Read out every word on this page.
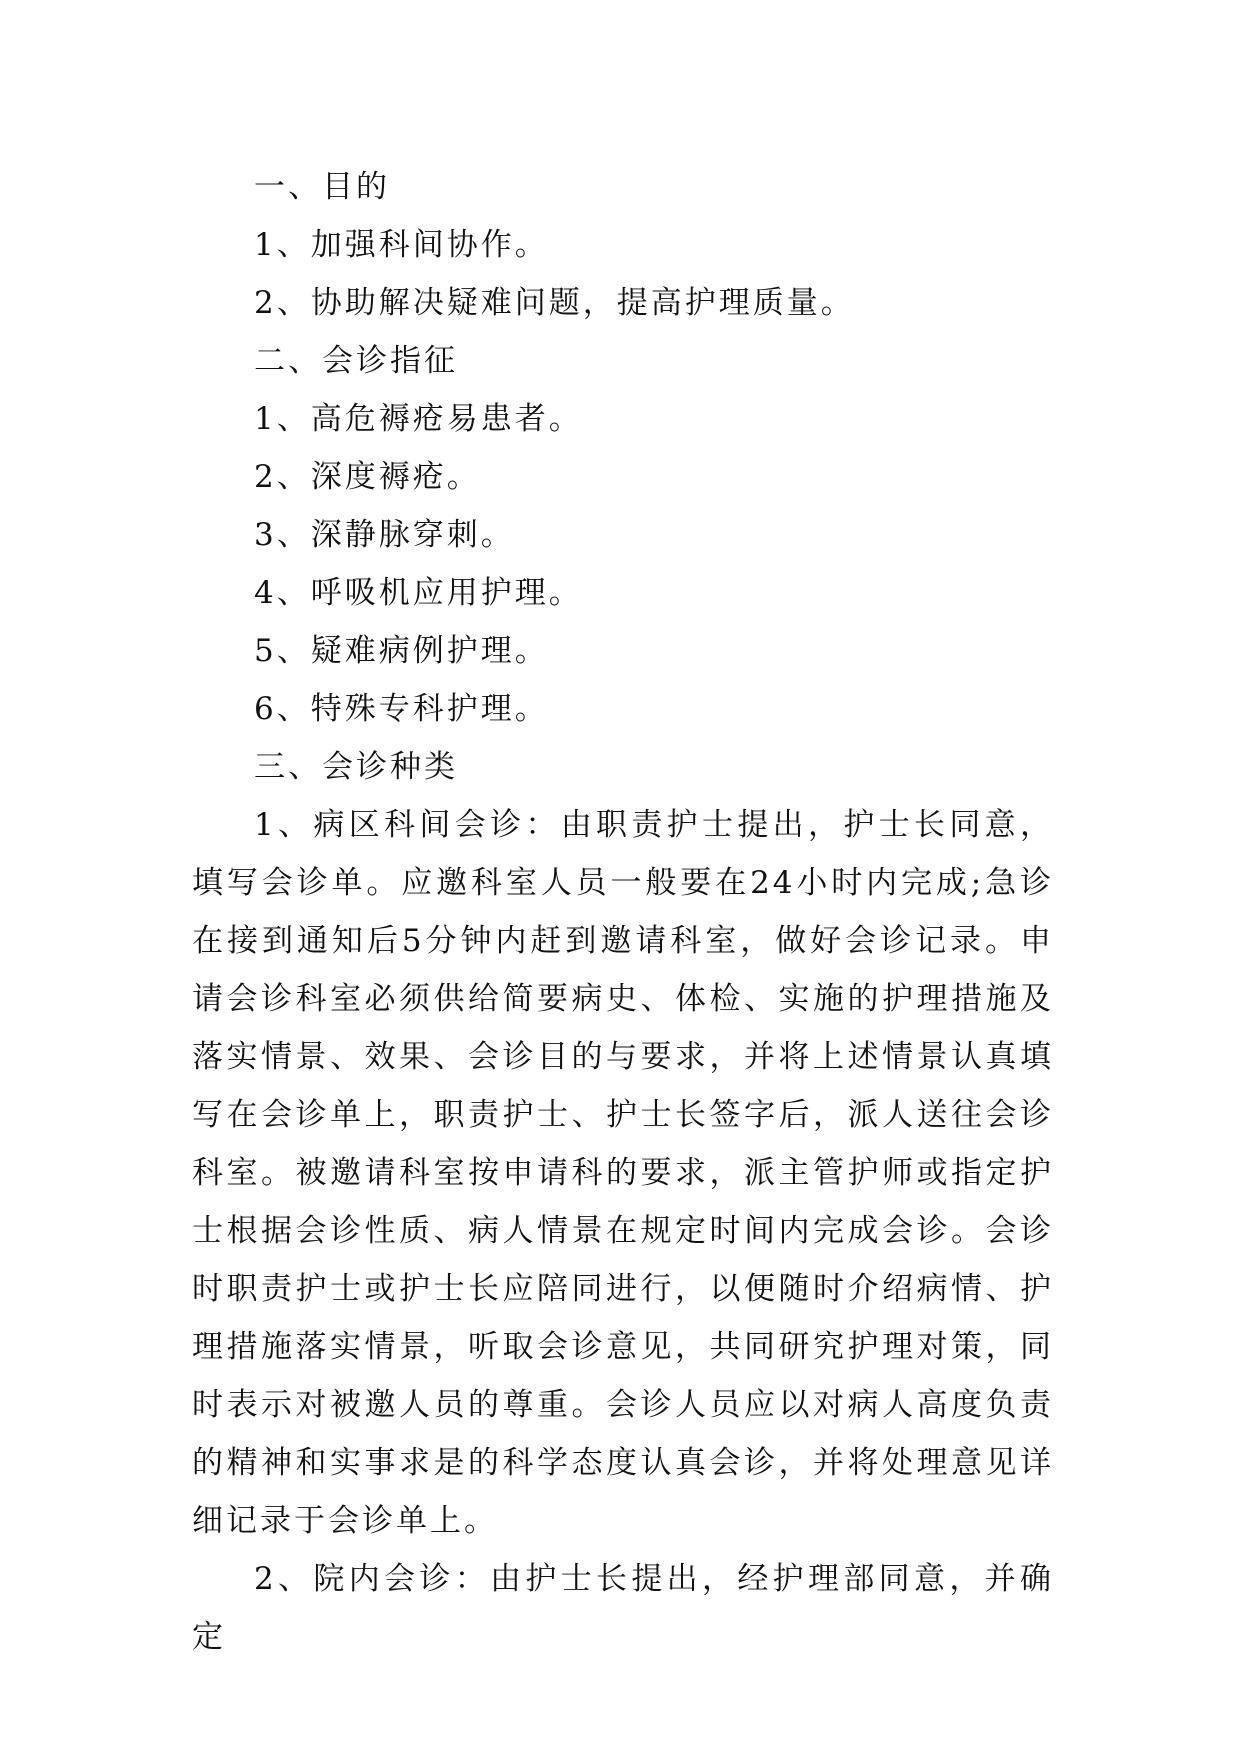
一、目的
1、加强科间协作。
2、协助解决疑难问题，提高护理质量。
二、会诊指征
1、高危褥疮易患者。
2、深度褥疮。
3、深静脉穿刺。
4、呼吸机应用护理。
5、疑难病例护理。
6、特殊专科护理。
三、会诊种类

1、病区科间会诊：由职责护士提出，护士长同意，填写会诊单。应邀科室人员一般要在24小时内完成;急诊在接到通知后5分钟内赶到邀请科室，做好会诊记录。申请会诊科室必须供给简要病史、体检、实施的护理措施及落实情景、效果、会诊目的与要求，并将上述情景认真填写在会诊单上，职责护士、护士长签字后，派人送往会诊科室。被邀请科室按申请科的要求，派主管护师或指定护士根据会诊性质、病人情景在规定时间内完成会诊。会诊时职责护士或护士长应陪同进行，以便随时介绍病情、护理措施落实情景，听取会诊意见，共同研究护理对策，同时表示对被邀人员的尊重。会诊人员应以对病人高度负责的精神和实事求是的科学态度认真会诊，并将处理意见详细记录于会诊单上。

2、院内会诊：由护士长提出，经护理部同意，并确定
